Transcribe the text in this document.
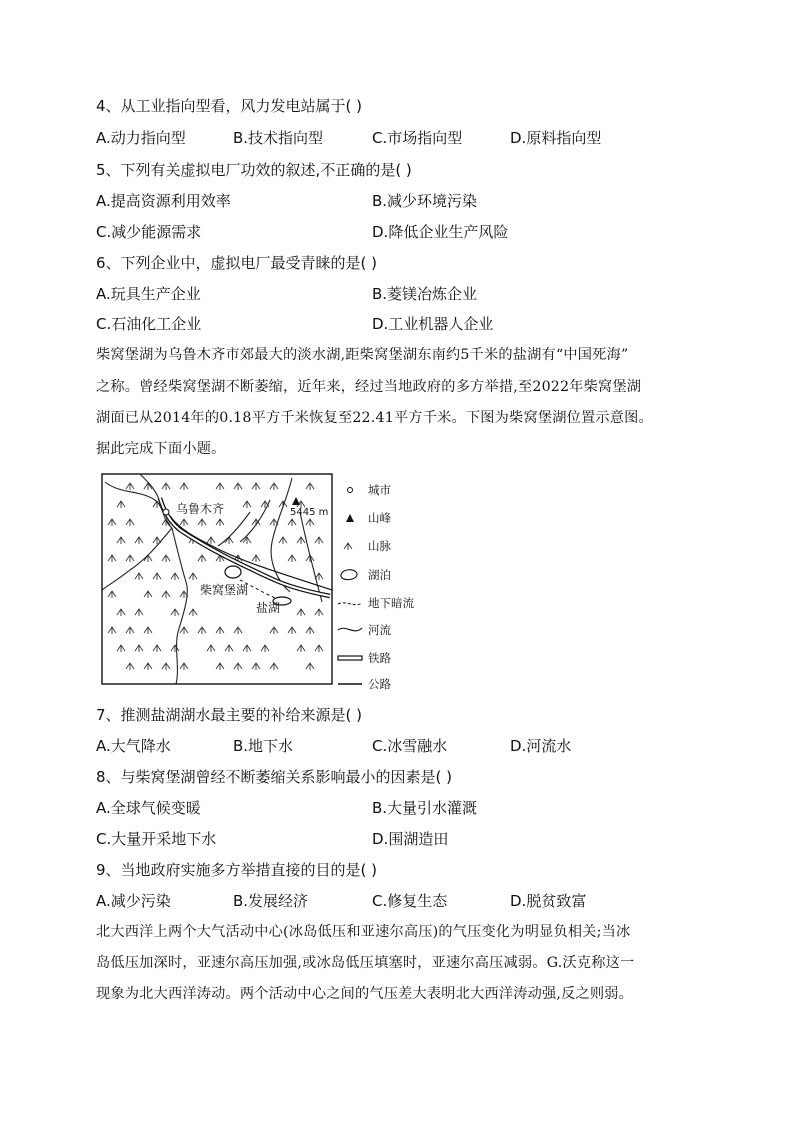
4、从工业指向型看，风力发电站属于( )
A.动力指向型	B.技术指向型	C.市场指向型	D.原料指向型
5、下列有关虚拟电厂功效的叙述,不正确的是( )
A.提高资源利用效率	B.减少环境污染
C.减少能源需求	D.降低企业生产风险
6、下列企业中，虚拟电厂最受青睐的是( )
A.玩具生产企业	B.菱镁冶炼企业
C.石油化工企业	D.工业机器人企业
柴窝堡湖为乌鲁木齐市郊最大的淡水湖,距柴窝堡湖东南约5千米的盐湖有“中国死海”
之称。曾经柴窝堡湖不断萎缩，近年来，经过当地政府的多方举措,至2022年柴窝堡湖
湖面已从2014年的0.18平方千米恢复至22.41平方千米。下图为柴窝堡湖位置示意图。
据此完成下面小题。
乌鲁木齐	5445 m
柴窝堡湖
盐湖
城市
山峰
山脉
湖泊
地下暗流
河流
铁路
公路
7、推测盐湖湖水最主要的补给来源是( )
A.大气降水	B.地下水	C.冰雪融水	D.河流水
8、与柴窝堡湖曾经不断萎缩关系影响最小的因素是( )
A.全球气候变暖	B.大量引水灌溉
C.大量开采地下水	D.围湖造田
9、当地政府实施多方举措直接的目的是( )
A.减少污染	B.发展经济	C.修复生态	D.脱贫致富
北大西洋上两个大气活动中心(冰岛低压和亚速尔高压)的气压变化为明显负相关;当冰
岛低压加深时，亚速尔高压加强,或冰岛低压填塞时，亚速尔高压减弱。G.沃克称这一
现象为北大西洋涛动。两个活动中心之间的气压差大表明北大西洋涛动强,反之则弱。
